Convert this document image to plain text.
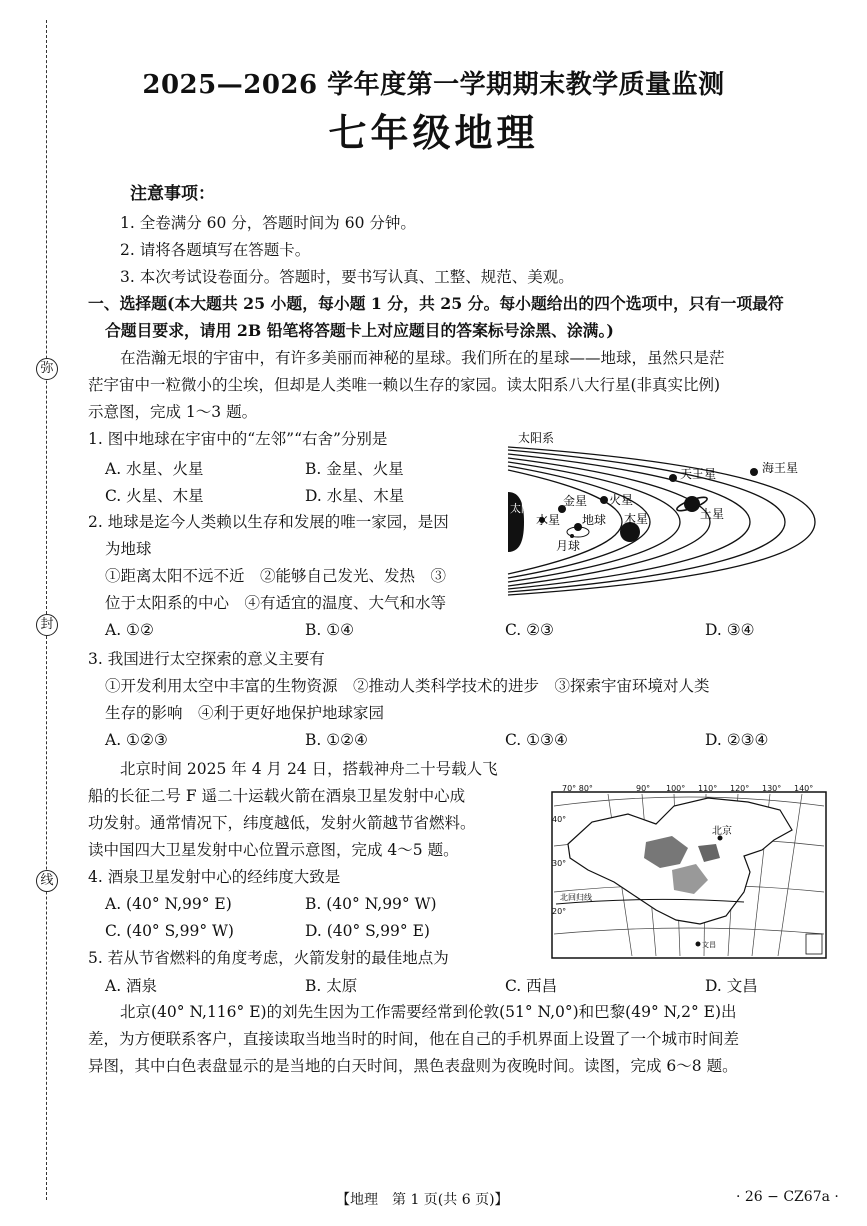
弥
封
线
2025—2026 学年度第一学期期末教学质量监测
七年级地理
注意事项：
1. 全卷满分 60 分，答题时间为 60 分钟。
2. 请将各题填写在答题卡。
3. 本次考试设卷面分。答题时，要书写认真、工整、规范、美观。
一、选择题(本大题共 25 小题，每小题 1 分，共 25 分。每小题给出的四个选项中，只有一项最符
合题目要求，请用 2B 铅笔将答题卡上对应题目的答案标号涂黑、涂满。)
在浩瀚无垠的宇宙中，有许多美丽而神秘的星球。我们所在的星球——地球，虽然只是茫
茫宇宙中一粒微小的尘埃，但却是人类唯一赖以生存的家园。读太阳系八大行星(非真实比例)
示意图，完成 1～3 题。
1. 图中地球在宇宙中的“左邻”“右舍”分别是
A. 水星、火星	B. 金星、火星
C. 火星、木星	D. 水星、木星
2. 地球是迄今人类赖以生存和发展的唯一家园，是因
为地球
①距离太阳不远不近　②能够自己发光、发热　③
位于太阳系的中心　④有适宜的温度、大气和水等
A. ①②	B. ①④	C. ②③	D. ③④
太阳系
太阳
水星
金星
地球
月球
火星
木星	土星
天王星	海王星
3. 我国进行太空探索的意义主要有
①开发利用太空中丰富的生物资源　②推动人类科学技术的进步　③探索宇宙环境对人类
生存的影响　④利于更好地保护地球家园
A. ①②③	B. ①②④	C. ①③④	D. ②③④
北京时间 2025 年 4 月 24 日，搭载神舟二十号载人飞
船的长征二号 F 遥二十运载火箭在酒泉卫星发射中心成
功发射。通常情况下，纬度越低，发射火箭越节省燃料。
读中国四大卫星发射中心位置示意图，完成 4～5 题。
70° 80°	90° 100° 110° 120° 130° 140°
40°
30°
20°
北回归线
北京
文昌
4. 酒泉卫星发射中心的经纬度大致是
A. (40° N,99° E)	B. (40° N,99° W)
C. (40° S,99° W)	D. (40° S,99° E)
5. 若从节省燃料的角度考虑，火箭发射的最佳地点为
A. 酒泉	B. 太原	C. 西昌	D. 文昌
北京(40° N,116° E)的刘先生因为工作需要经常到伦敦(51° N,0°)和巴黎(49° N,2° E)出
差，为方便联系客户，直接读取当地当时的时间，他在自己的手机界面上设置了一个城市时间差
异图，其中白色表盘显示的是当地的白天时间，黑色表盘则为夜晚时间。读图，完成 6～8 题。
【地理　第 1 页(共 6 页)】	· 26 − CZ67a ·
